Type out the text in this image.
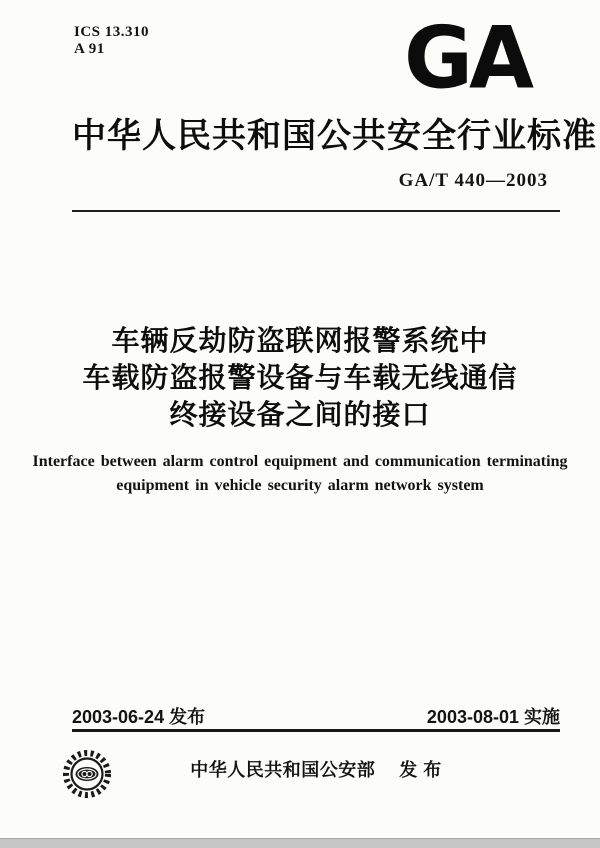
ICS 13.310
A 91	GA
中华人民共和国公共安全行业标准
GA/T 440—2003
车辆反劫防盗联网报警系统中
车载防盗报警设备与车载无线通信
终接设备之间的接口
Interface between alarm control equipment and communication terminating
equipment in vehicle security alarm network system
2003-06-24 发布	2003-08-01 实施
中华人民共和国公安部 发 布
